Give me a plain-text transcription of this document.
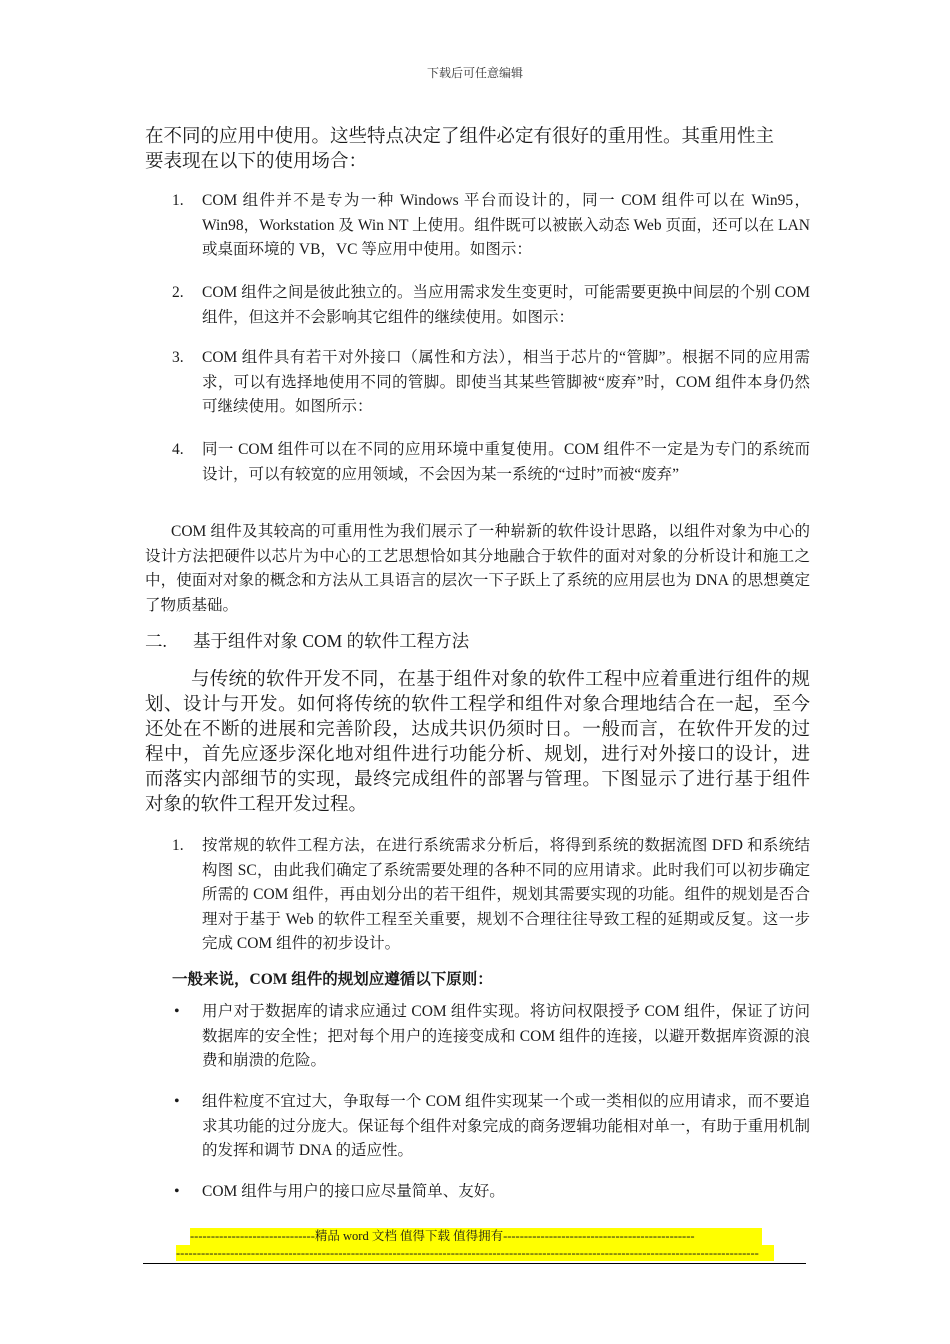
下载后可任意编辑
在不同的应用中使用。这些特点决定了组件必定有很好的重用性。其重用性主
要表现在以下的使用场合：
1.	COM 组件并不是专为一种 Windows 平台而设计的，同一 COM 组件可以在 Win95，Win98，Workstation 及 Win NT 上使用。组件既可以被嵌入动态 Web 页面，还可以在 LAN 或桌面环境的 VB，VC 等应用中使用。如图示：
2.	COM 组件之间是彼此独立的。当应用需求发生变更时，可能需要更换中间层的个别 COM 组件，但这并不会影响其它组件的继续使用。如图示：
3.	COM 组件具有若干对外接口（属性和方法），相当于芯片的“管脚”。根据不同的应用需求，可以有选择地使用不同的管脚。即使当其某些管脚被“废弃”时，COM 组件本身仍然可继续使用。如图所示：
4.	同一 COM 组件可以在不同的应用环境中重复使用。COM 组件不一定是为专门的系统而设计，可以有较宽的应用领域，不会因为某一系统的“过时”而被“废弃”
COM 组件及其较高的可重用性为我们展示了一种崭新的软件设计思路，以组件对象为中心的设计方法把硬件以芯片为中心的工艺思想恰如其分地融合于软件的面对对象的分析设计和施工之中，使面对对象的概念和方法从工具语言的层次一下子跃上了系统的应用层也为 DNA 的思想奠定了物质基础。
二. 基于组件对象 COM 的软件工程方法
与传统的软件开发不同，在基于组件对象的软件工程中应着重进行组件的规划、设计与开发。如何将传统的软件工程学和组件对象合理地结合在一起，至今还处在不断的进展和完善阶段，达成共识仍须时日。一般而言，在软件开发的过程中，首先应逐步深化地对组件进行功能分析、规划，进行对外接口的设计，进而落实内部细节的实现，最终完成组件的部署与管理。下图显示了进行基于组件对象的软件工程开发过程。
1.	按常规的软件工程方法，在进行系统需求分析后，将得到系统的数据流图 DFD 和系统结构图 SC，由此我们确定了系统需要处理的各种不同的应用请求。此时我们可以初步确定所需的 COM 组件，再由划分出的若干组件，规划其需要实现的功能。组件的规划是否合理对于基于 Web 的软件工程至关重要，规划不合理往往导致工程的延期或反复。这一步完成 COM 组件的初步设计。
一般来说，COM 组件的规划应遵循以下原则：
• 用户对于数据库的请求应通过 COM 组件实现。将访问权限授予 COM 组件，保证了访问数据库的安全性；把对每个用户的连接变成和 COM 组件的连接，以避开数据库资源的浪费和崩溃的危险。
• 组件粒度不宜过大，争取每一个 COM 组件实现某一个或一类相似的应用请求，而不要追求其功能的过分庞大。保证每个组件对象完成的商务逻辑功能相对单一，有助于重用机制的发挥和调节 DNA 的适应性。
• COM 组件与用户的接口应尽量简单、友好。
------------------------------精品 word 文档 值得下载 值得拥有----------------------------------------------
--------------------------------------------------------------------------------------------------------------------------------------------
